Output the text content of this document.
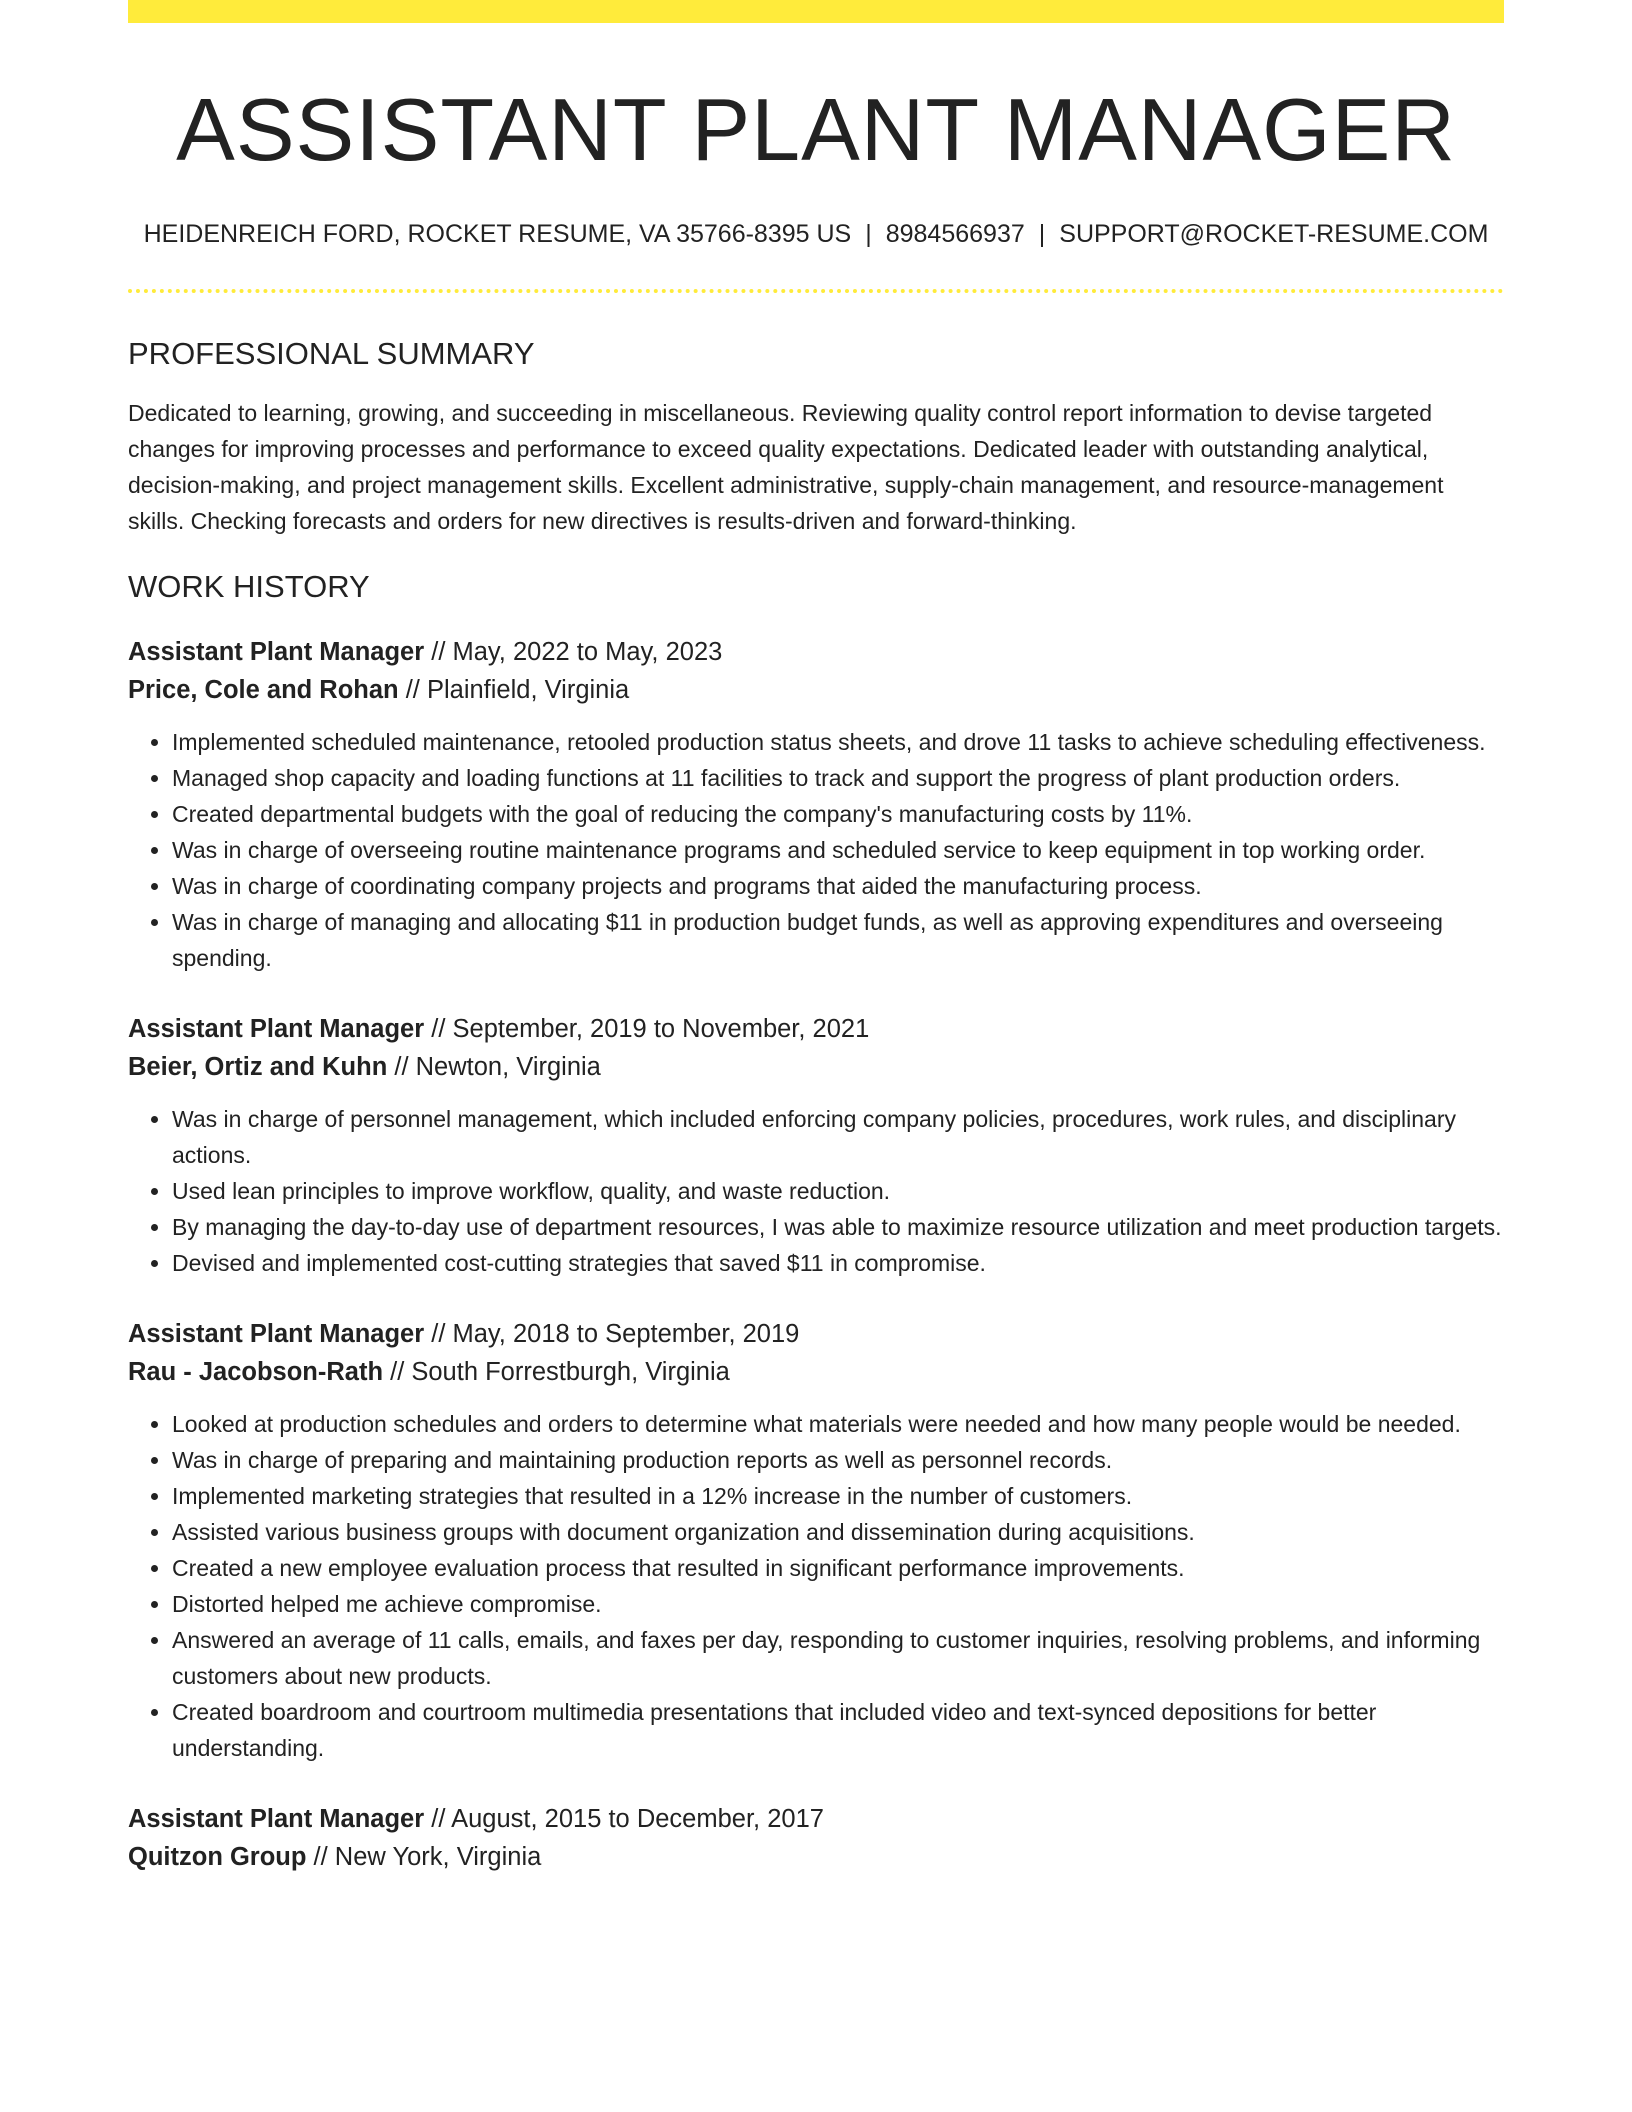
ASSISTANT PLANT MANAGER
HEIDENREICH FORD, ROCKET RESUME, VA 35766-8395 US | 8984566937 | SUPPORT@ROCKET-RESUME.COM
PROFESSIONAL SUMMARY
Dedicated to learning, growing, and succeeding in miscellaneous. Reviewing quality control report information to devise targeted changes for improving processes and performance to exceed quality expectations. Dedicated leader with outstanding analytical, decision-making, and project management skills. Excellent administrative, supply-chain management, and resource-management skills. Checking forecasts and orders for new directives is results-driven and forward-thinking.
WORK HISTORY
Assistant Plant Manager // May, 2022 to May, 2023
Price, Cole and Rohan // Plainfield, Virginia
• Implemented scheduled maintenance, retooled production status sheets, and drove 11 tasks to achieve scheduling effectiveness.
• Managed shop capacity and loading functions at 11 facilities to track and support the progress of plant production orders.
• Created departmental budgets with the goal of reducing the company's manufacturing costs by 11%.
• Was in charge of overseeing routine maintenance programs and scheduled service to keep equipment in top working order.
• Was in charge of coordinating company projects and programs that aided the manufacturing process.
• Was in charge of managing and allocating $11 in production budget funds, as well as approving expenditures and overseeing spending.
Assistant Plant Manager // September, 2019 to November, 2021
Beier, Ortiz and Kuhn // Newton, Virginia
• Was in charge of personnel management, which included enforcing company policies, procedures, work rules, and disciplinary actions.
• Used lean principles to improve workflow, quality, and waste reduction.
• By managing the day-to-day use of department resources, I was able to maximize resource utilization and meet production targets.
• Devised and implemented cost-cutting strategies that saved $11 in compromise.
Assistant Plant Manager // May, 2018 to September, 2019
Rau - Jacobson-Rath // South Forrestburgh, Virginia
• Looked at production schedules and orders to determine what materials were needed and how many people would be needed.
• Was in charge of preparing and maintaining production reports as well as personnel records.
• Implemented marketing strategies that resulted in a 12% increase in the number of customers.
• Assisted various business groups with document organization and dissemination during acquisitions.
• Created a new employee evaluation process that resulted in significant performance improvements.
• Distorted helped me achieve compromise.
• Answered an average of 11 calls, emails, and faxes per day, responding to customer inquiries, resolving problems, and informing customers about new products.
• Created boardroom and courtroom multimedia presentations that included video and text-synced depositions for better understanding.
Assistant Plant Manager // August, 2015 to December, 2017
Quitzon Group // New York, Virginia
